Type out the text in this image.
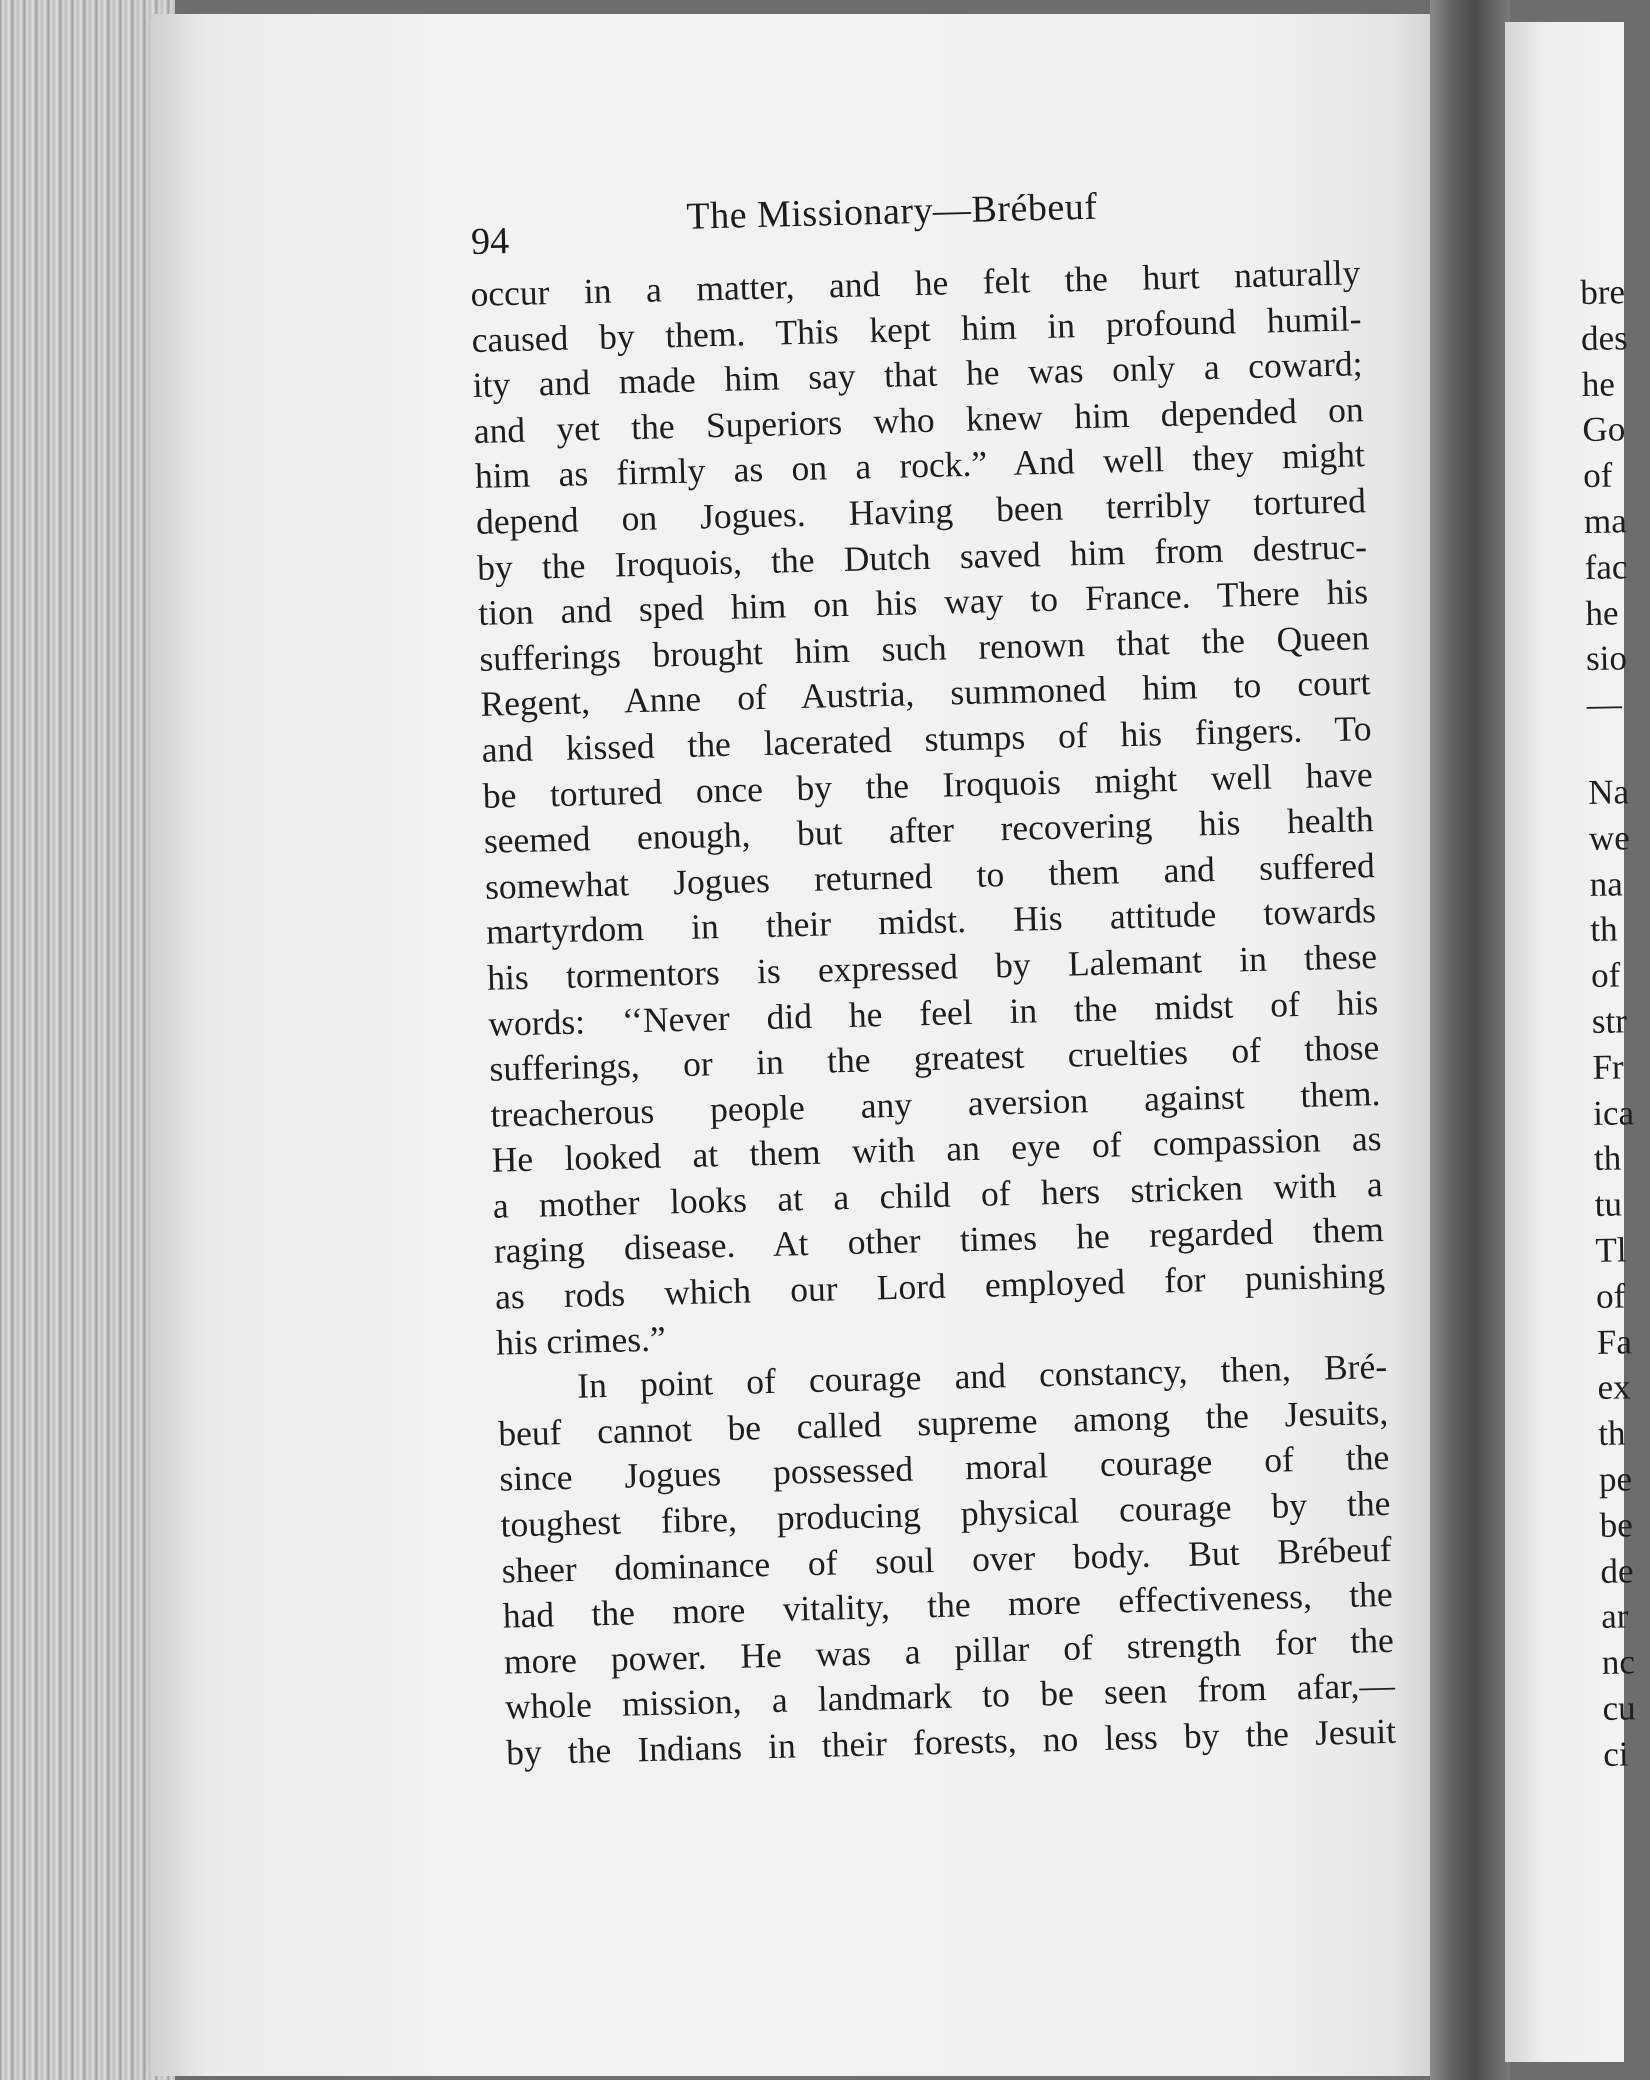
94
The Missionary—Brébeuf
occur in a matter, and he felt the hurt naturally
caused by them. This kept him in profound humil-
ity and made him say that he was only a coward;
and yet the Superiors who knew him depended on
him as firmly as on a rock.” And well they might
depend on Jogues. Having been terribly tortured
by the Iroquois, the Dutch saved him from destruc-
tion and sped him on his way to France. There his
sufferings brought him such renown that the Queen
Regent, Anne of Austria, summoned him to court
and kissed the lacerated stumps of his fingers. To
be tortured once by the Iroquois might well have
seemed enough, but after recovering his health
somewhat Jogues returned to them and suffered
martyrdom in their midst. His attitude towards
his tormentors is expressed by Lalemant in these
words: ‘‘Never did he feel in the midst of his
sufferings, or in the greatest cruelties of those
treacherous people any aversion against them.
He looked at them with an eye of compassion as
a mother looks at a child of hers stricken with a
raging disease. At other times he regarded them
as rods which our Lord employed for punishing
his crimes.”
In point of courage and constancy, then, Bré-
beuf cannot be called supreme among the Jesuits,
since Jogues possessed moral courage of the
toughest fibre, producing physical courage by the
sheer dominance of soul over body. But Brébeuf
had the more vitality, the more effectiveness, the
more power. He was a pillar of strength for the
whole mission, a landmark to be seen from afar,—
by the Indians in their forests, no less by the Jesuit
bre
des
he
Go
of
ma
fac
he
sio
—
Na
we
na
th
of
str
Fr
ica
th
tu
Tl
of
Fa
ex
th
pe
be
de
ar
nc
cu
ci
